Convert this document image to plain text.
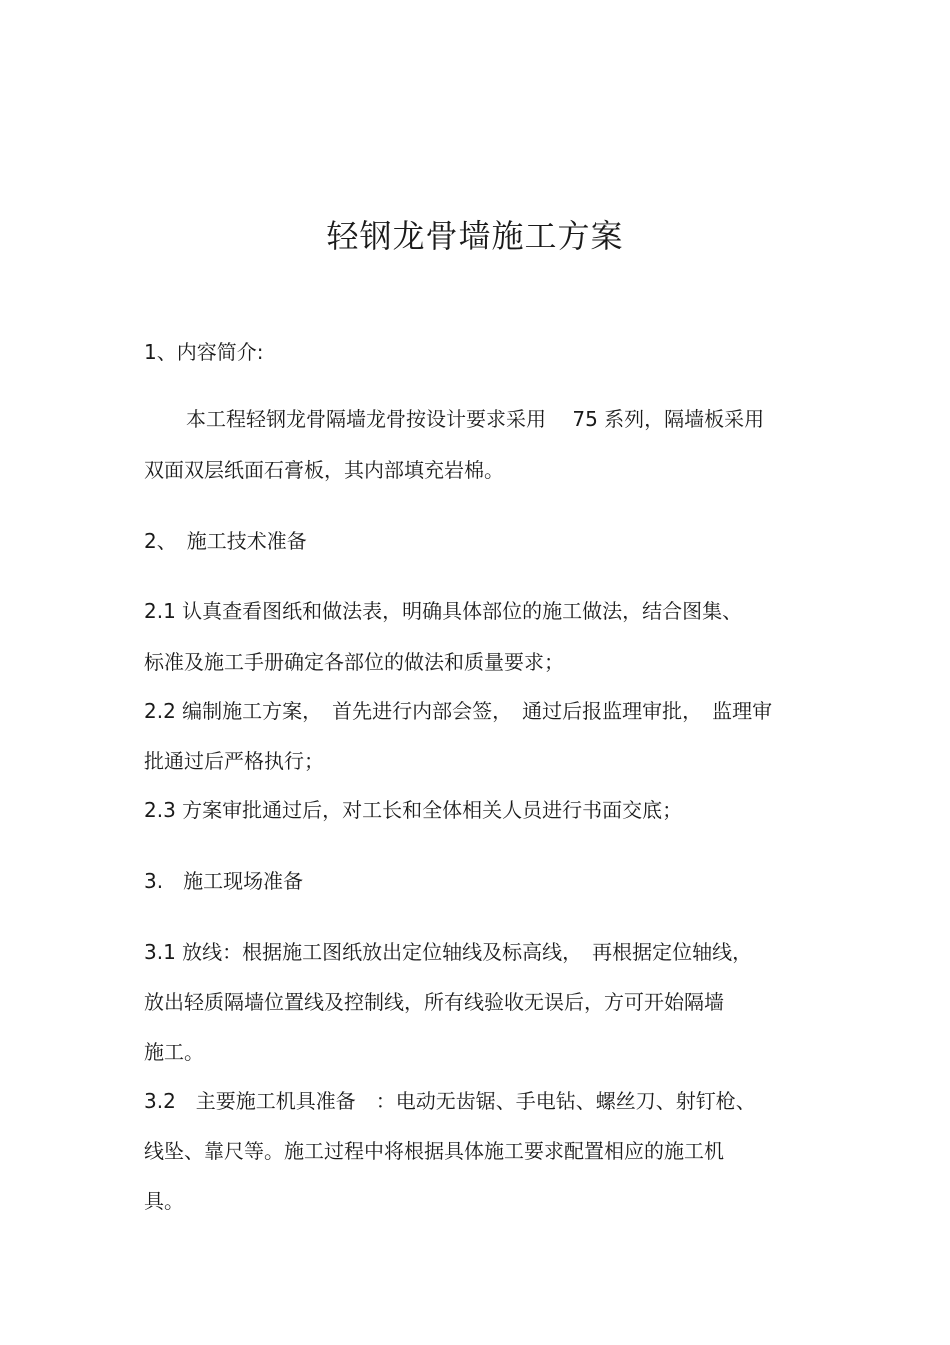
轻钢龙骨墙施工方案

1、内容简介:

本工程轻钢龙骨隔墙龙骨按设计要求采用　 75 系列，隔墙板采用

双面双层纸面石膏板，其内部填充岩棉。

2、　施工技术准备

2.1 认真查看图纸和做法表，明确具体部位的施工做法，结合图集、

标准及施工手册确定各部位的做法和质量要求；

2.2 编制施工方案，　首先进行内部会签，　通过后报监理审批，　监理审

批通过后严格执行；

2.3 方案审批通过后，对工长和全体相关人员进行书面交底；

3.　施工现场准备

3.1 放线：根据施工图纸放出定位轴线及标高线，　再根据定位轴线，

放出轻质隔墙位置线及控制线，所有线验收无误后，方可开始隔墙

施工。

3.2　主要施工机具准备　：电动无齿锯、手电钻、螺丝刀、射钉枪、

线坠、靠尺等。施工过程中将根据具体施工要求配置相应的施工机

具。
